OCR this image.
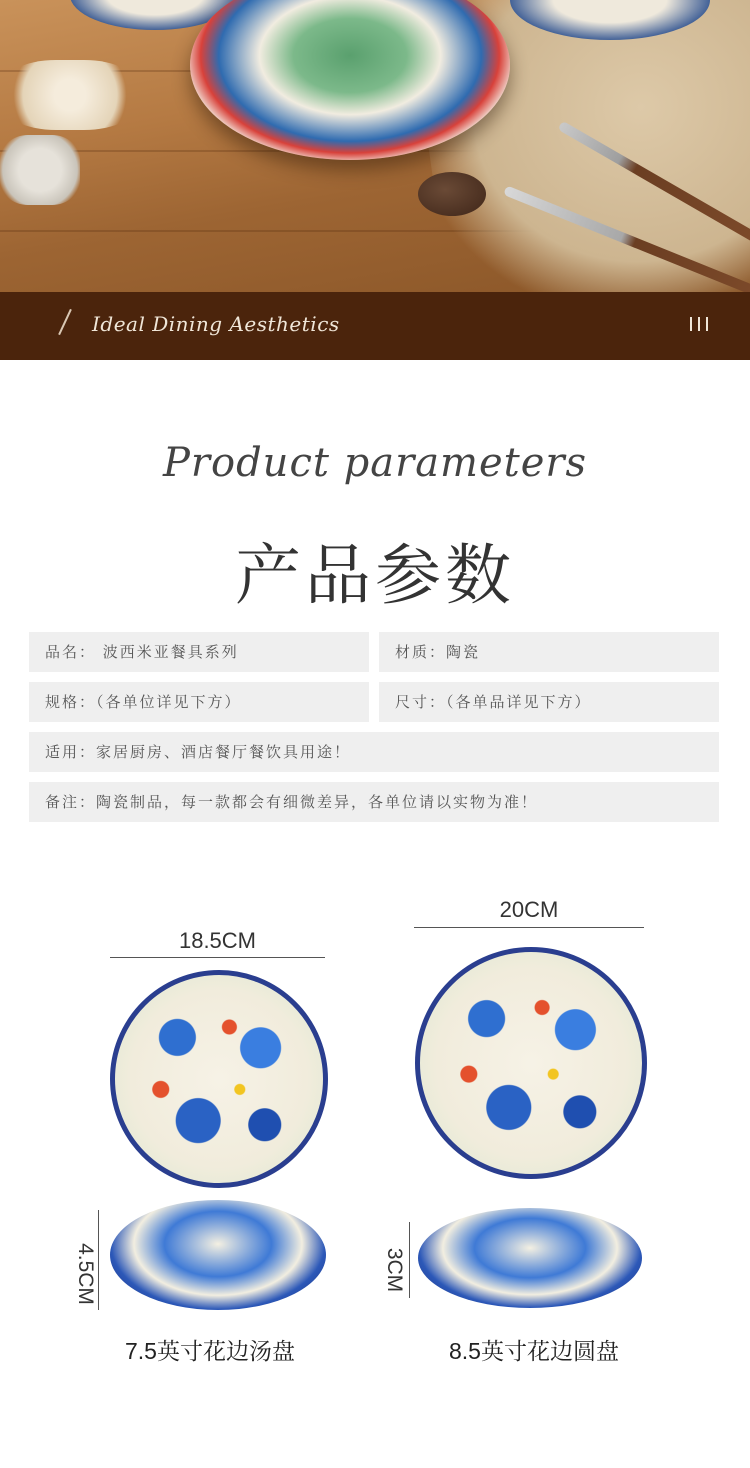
Ideal Dining Aesthetics
Product parameters
产品参数
品名： 波西米亚餐具系列	材质：陶瓷
规格：（各单位详见下方）	尺寸：（各单品详见下方）
适用：家居厨房、酒店餐厅餐饮具用途！
备注：陶瓷制品，每一款都会有细微差异，各单位请以实物为准！
18.5CM
4.5CM
7.5英寸花边汤盘
20CM
3CM
8.5英寸花边圆盘
